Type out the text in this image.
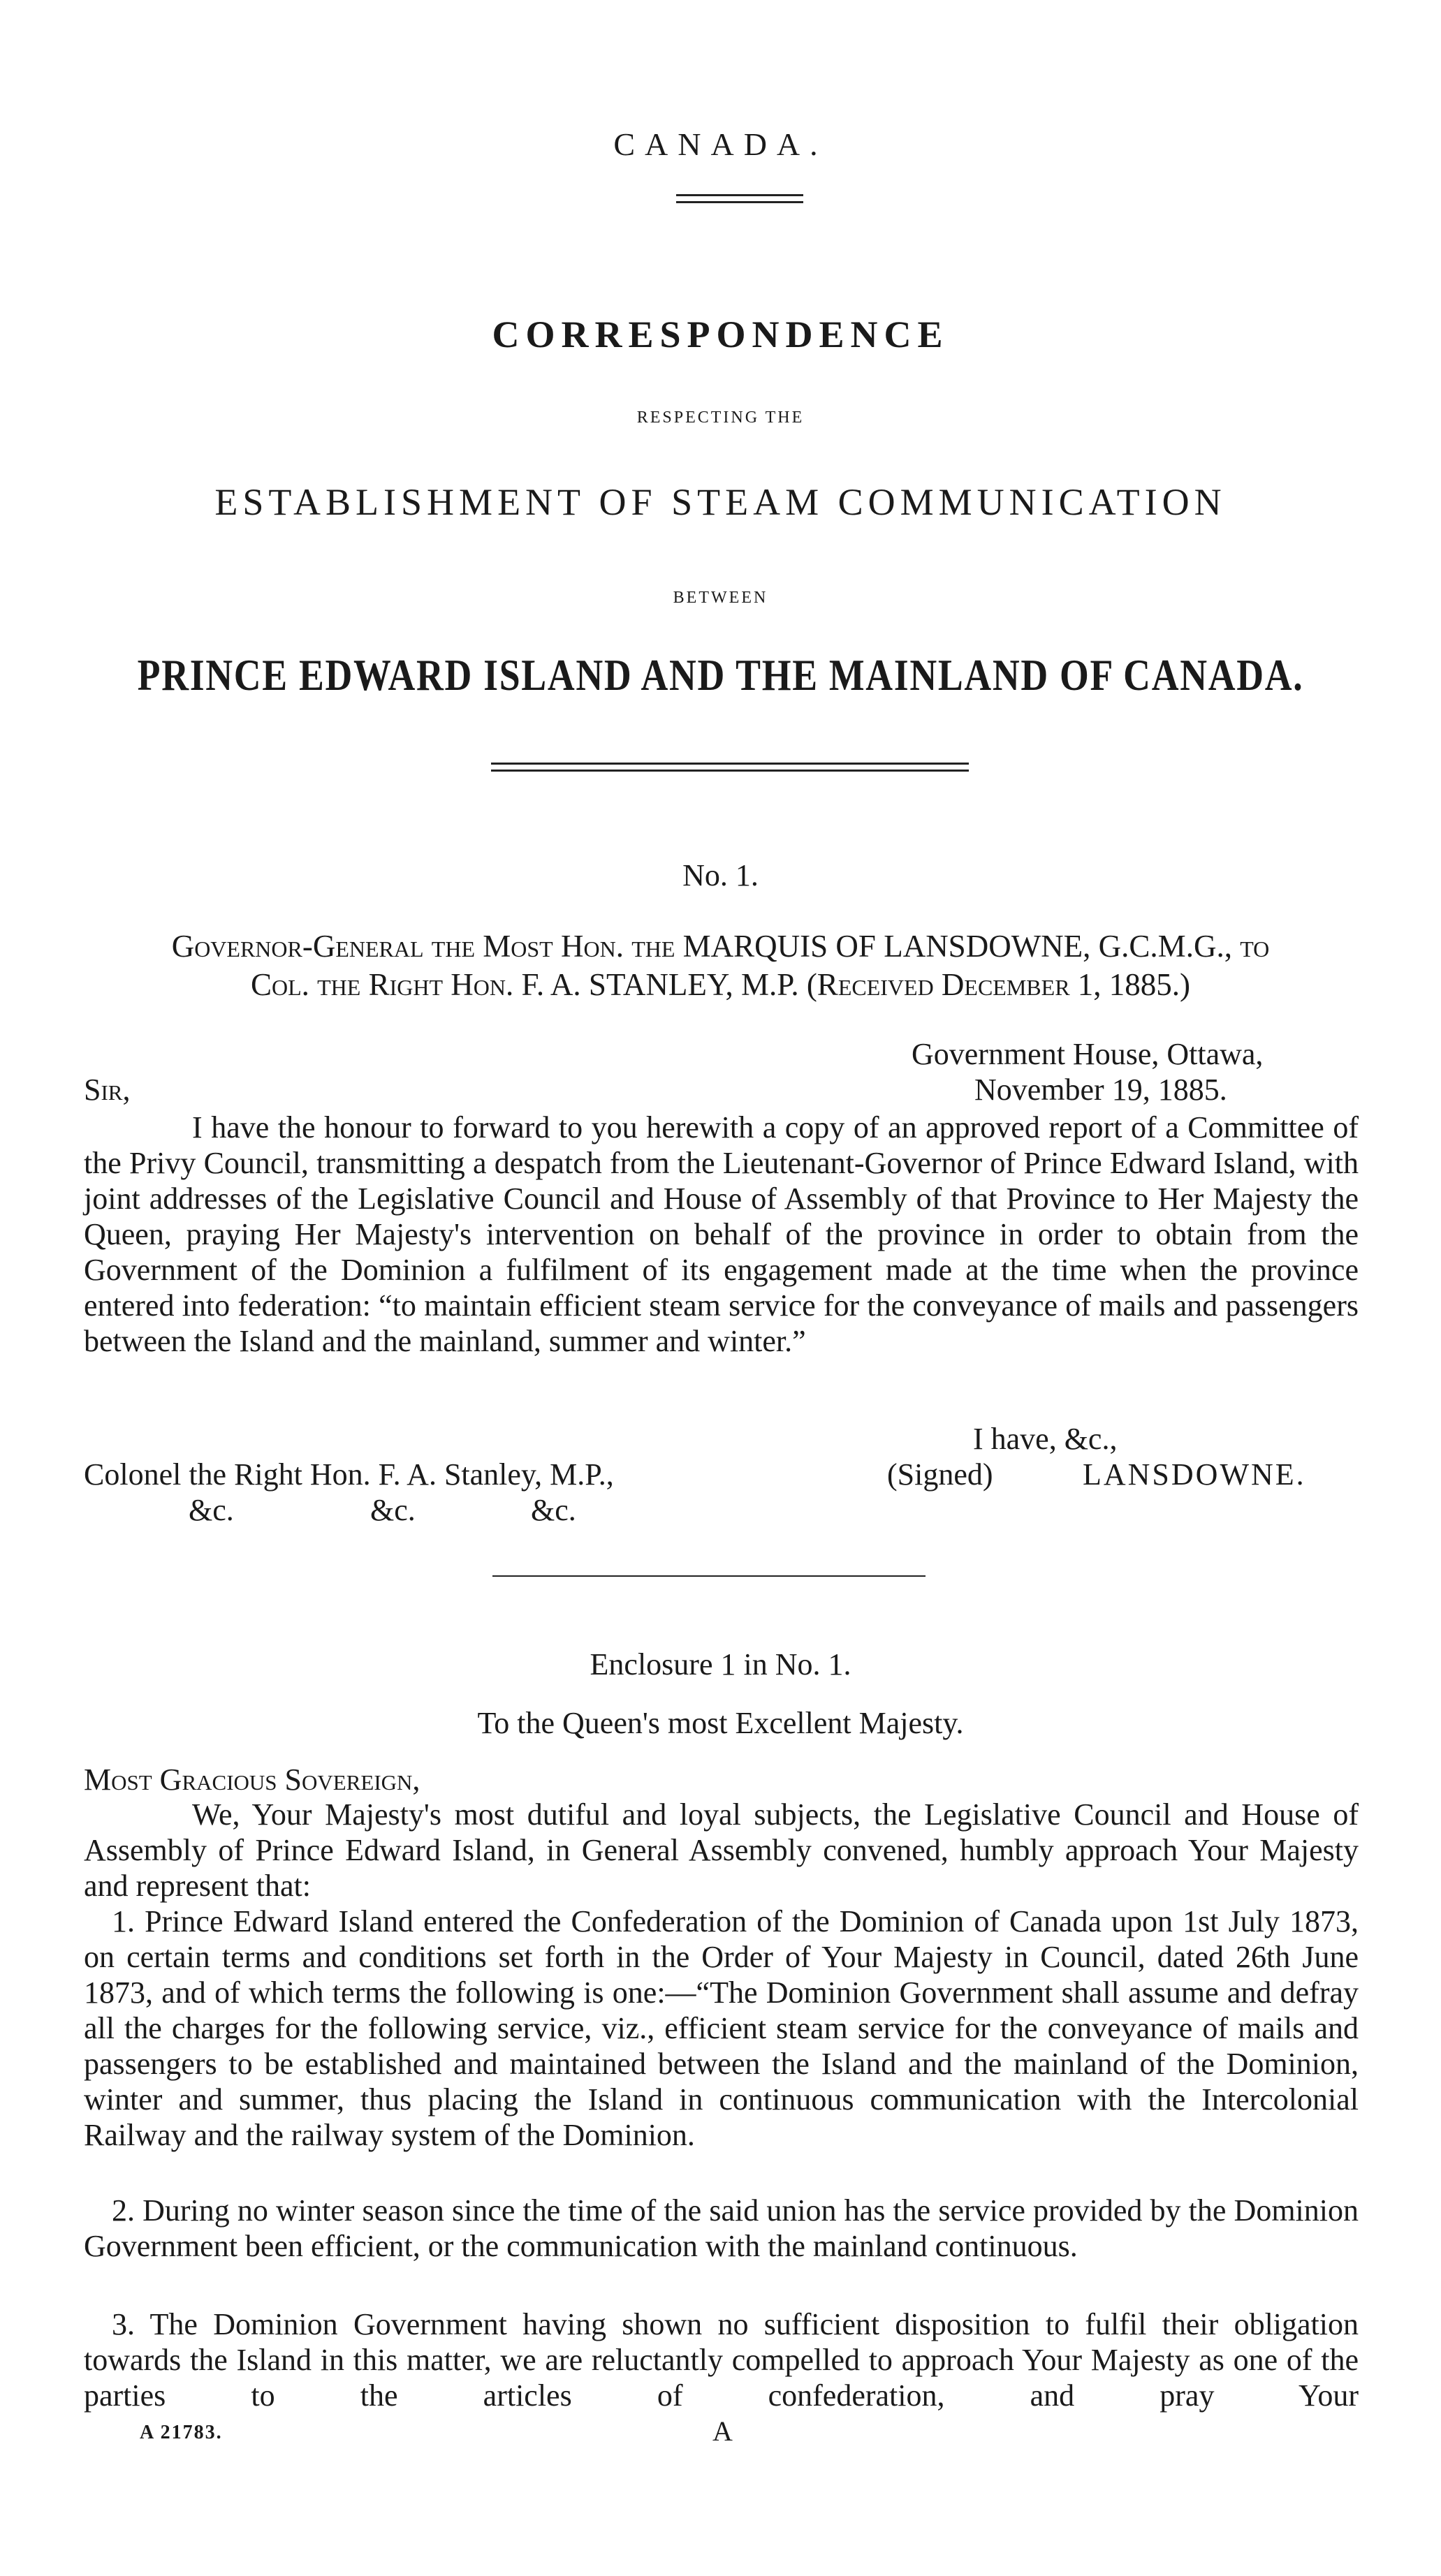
CANADA.
CORRESPONDENCE
RESPECTING THE
ESTABLISHMENT OF STEAM COMMUNICATION
BETWEEN
PRINCE EDWARD ISLAND AND THE MAINLAND OF CANADA.
No. 1.
Governor-General the Most Hon. the MARQUIS OF LANSDOWNE, G.C.M.G., to
Col. the Right Hon. F. A. STANLEY, M.P. (Received December 1, 1885.)
Government House, Ottawa,
Sir,	November 19, 1885.
I have the honour to forward to you herewith a copy of an approved report of a Committee of the Privy Council, transmitting a despatch from the Lieutenant-Governor of Prince Edward Island, with joint addresses of the Legislative Council and House of Assembly of that Province to Her Majesty the Queen, praying Her Majesty's intervention on behalf of the province in order to obtain from the Government of the Dominion a fulfilment of its engagement made at the time when the province entered into federation: “to maintain efficient steam service for the conveyance of mails and passengers between the Island and the mainland, summer and winter.”
I have, &c.,
Colonel the Right Hon. F. A. Stanley, M.P.,	(Signed)	LANSDOWNE.
&c.	&c.	&c.
Enclosure 1 in No. 1.
To the Queen's most Excellent Majesty.
Most Gracious Sovereign,
We, Your Majesty's most dutiful and loyal subjects, the Legislative Council and House of Assembly of Prince Edward Island, in General Assembly convened, humbly approach Your Majesty and represent that:
1. Prince Edward Island entered the Confederation of the Dominion of Canada upon 1st July 1873, on certain terms and conditions set forth in the Order of Your Majesty in Council, dated 26th June 1873, and of which terms the following is one:—“The Dominion Government shall assume and defray all the charges for the following service, viz., efficient steam service for the conveyance of mails and passengers to be established and maintained between the Island and the mainland of the Dominion, winter and summer, thus placing the Island in continuous communication with the Intercolonial Railway and the railway system of the Dominion.
2. During no winter season since the time of the said union has the service provided by the Dominion Government been efficient, or the communication with the mainland continuous.
3. The Dominion Government having shown no sufficient disposition to fulfil their obligation towards the Island in this matter, we are reluctantly compelled to approach Your Majesty as one of the parties to the articles of confederation, and pray Your
A 21783.	A
